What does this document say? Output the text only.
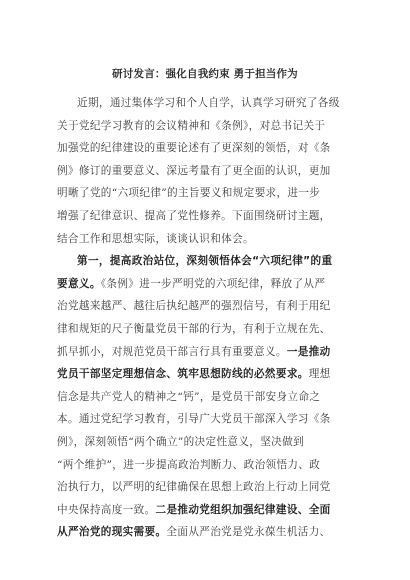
研讨发言：强化自我约束 勇于担当作为
近期，通过集体学习和个人自学，认真学习研究了各级
关于党纪学习教育的会议精神和《条例》，对总书记关于
加强党的纪律建设的重要论述有了更深刻的领悟，对《条
例》修订的重要意义、深远考量有了更全面的认识，更加
明晰了党的“六项纪律”的主旨要义和规定要求，进一步
增强了纪律意识、提高了党性修养。下面围绕研讨主题，
结合工作和思想实际，谈谈认识和体会。
第一，提高政治站位，深刻领悟体会“六项纪律”的重
要意义。《条例》进一步严明党的六项纪律，释放了从严
治党越来越严、越往后执纪越严的强烈信号，有利于用纪
律和规矩的尺子衡量党员干部的行为，有利于立规在先、
抓早抓小，对规范党员干部言行具有重要意义。一是推动
党员干部坚定理想信念、筑牢思想防线的必然要求。理想
信念是共产党人的精神之“钙”，是党员干部安身立命之
本。通过党纪学习教育，引导广大党员干部深入学习《条
例》，深刻领悟“两个确立”的决定性意义，坚决做到
“两个维护”，进一步提高政治判断力、政治领悟力、政
治执行力，以严明的纪律确保在思想上政治上行动上同党
中央保持高度一致。二是推动党组织加强纪律建设、全面
从严治党的现实需要。全面从严治党是党永葆生机活力、
